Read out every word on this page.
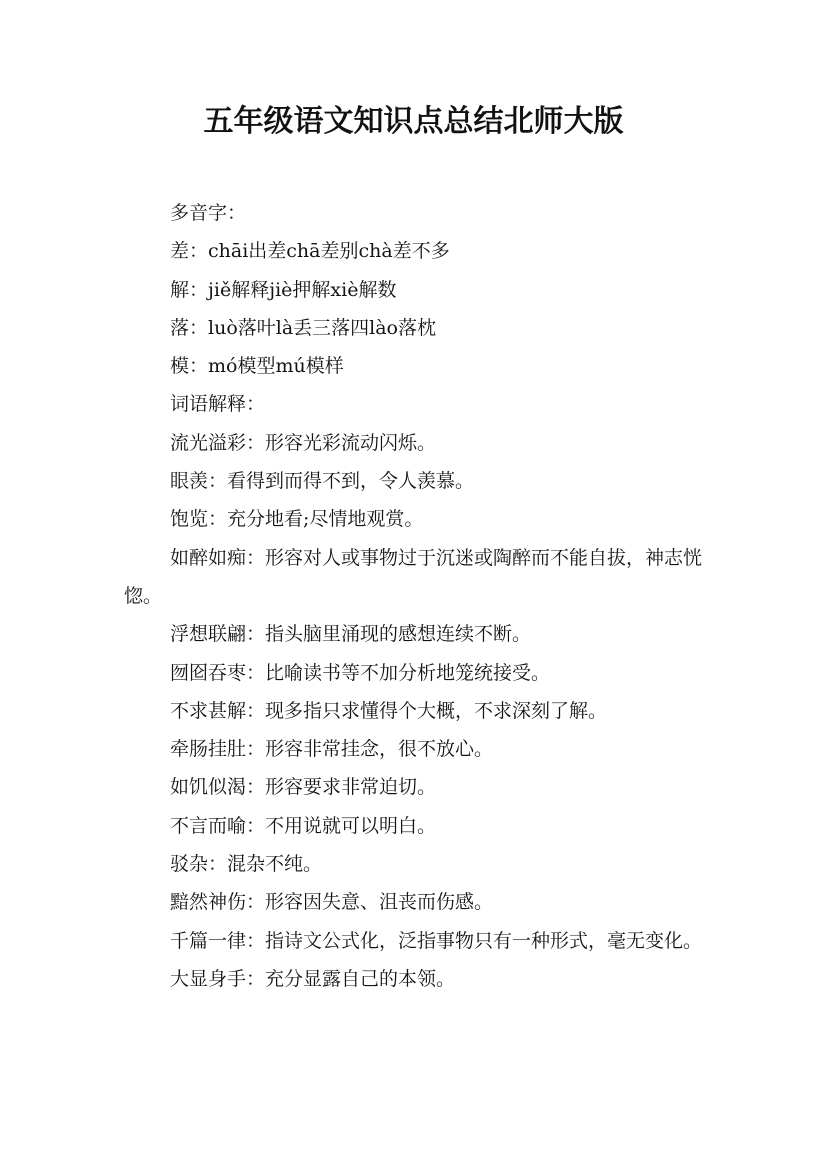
五年级语文知识点总结北师大版

多音字：

差：chāi出差chā差别chà差不多

解：jiě解释jiè押解xiè解数

落：luò落叶là丢三落四lào落枕

模：mó模型mú模样

词语解释：

流光溢彩：形容光彩流动闪烁。

眼羡：看得到而得不到，令人羡慕。

饱览：充分地看;尽情地观赏。

如醉如痴：形容对人或事物过于沉迷或陶醉而不能自拔，神志恍惚。

浮想联翩：指头脑里涌现的感想连续不断。

囫囵吞枣：比喻读书等不加分析地笼统接受。

不求甚解：现多指只求懂得个大概，不求深刻了解。

牵肠挂肚：形容非常挂念，很不放心。

如饥似渴：形容要求非常迫切。

不言而喻：不用说就可以明白。

驳杂：混杂不纯。

黯然神伤：形容因失意、沮丧而伤感。

千篇一律：指诗文公式化，泛指事物只有一种形式，毫无变化。

大显身手：充分显露自己的本领。
